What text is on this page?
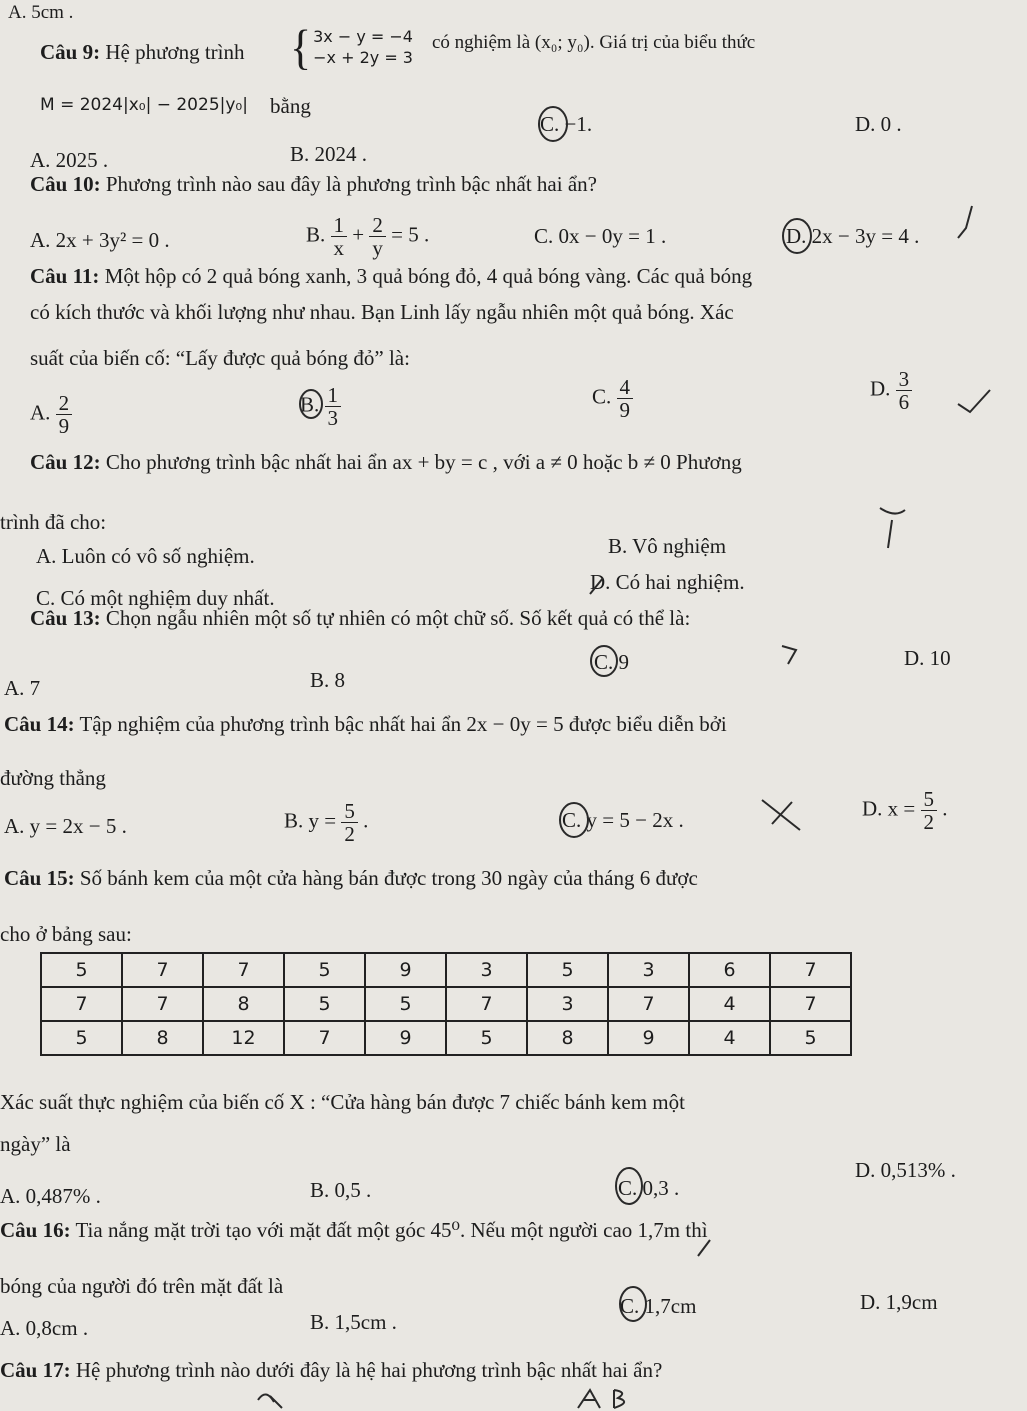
A. 5cm .
Câu 9: Hệ phương trình { 3x − y = −4
−x + 2y = 3
có nghiệm là (x₀; y₀). Giá trị của biểu thức
M = 2024|x₀| − 2025|y₀| bằng
C. −1.	D. 0 .
A. 2025 .	B. 2024 .
Câu 10: Phương trình nào sau đây là phương trình bậc nhất hai ẩn?
A. 2x + 3y² = 0 .	B. $\frac{1}{x} + \frac{2}{y} = 5$ .	C. 0x − 0y = 1 .	D. 2x − 3y = 4 .
Câu 11: Một hộp có 2 quả bóng xanh, 3 quả bóng đỏ, 4 quả bóng vàng. Các quả bóng
có kích thước và khối lượng như nhau. Bạn Linh lấy ngẫu nhiên một quả bóng. Xác
suất của biến cố: “Lấy được quả bóng đỏ” là:
A. $\frac{2}{9}$	B. $\frac{1}{3}$	C. $\frac{4}{9}$	D. $\frac{3}{6}$
Câu 12: Cho phương trình bậc nhất hai ẩn ax + by = c , với a ≠ 0 hoặc b ≠ 0 Phương
trình đã cho:
A. Luôn có vô số nghiệm.	B. Vô nghiệm
C. Có một nghiệm duy nhất.
D. Có hai nghiệm.
Câu 13: Chọn ngẫu nhiên một số tự nhiên có một chữ số. Số kết quả có thể là:
B. 8
C. 9	D. 10
A. 7
Câu 14: Tập nghiệm của phương trình bậc nhất hai ẩn 2x − 0y = 5 được biểu diễn bởi
đường thẳng
A. y = 2x − 5 .	B. $y = \frac{5}{2}$ .	C. y = 5 − 2x .	D. $x = \frac{5}{2}$ .
Câu 15: Số bánh kem của một cửa hàng bán được trong 30 ngày của tháng 6 được
cho ở bảng sau:
5	7	7	5	9	3	5	3	6	7
7	7	8	5	5	7	3	7	4	7
5	8	12	7	9	5	8	9	4	5
Xác suất thực nghiệm của biến cố X : “Cửa hàng bán được 7 chiếc bánh kem một
ngày” là
B. 0,5 .	C. 0,3 .
D. 0,513% .
A. 0,487% .
Câu 16: Tia nắng mặt trời tạo với mặt đất một góc 45⁰. Nếu một người cao 1,7m thì
bóng của người đó trên mặt đất là
C. 1,7cm	D. 1,9cm
A. 0,8cm .	B. 1,5cm .
Câu 17: Hệ phương trình nào dưới đây là hệ hai phương trình bậc nhất hai ẩn?
